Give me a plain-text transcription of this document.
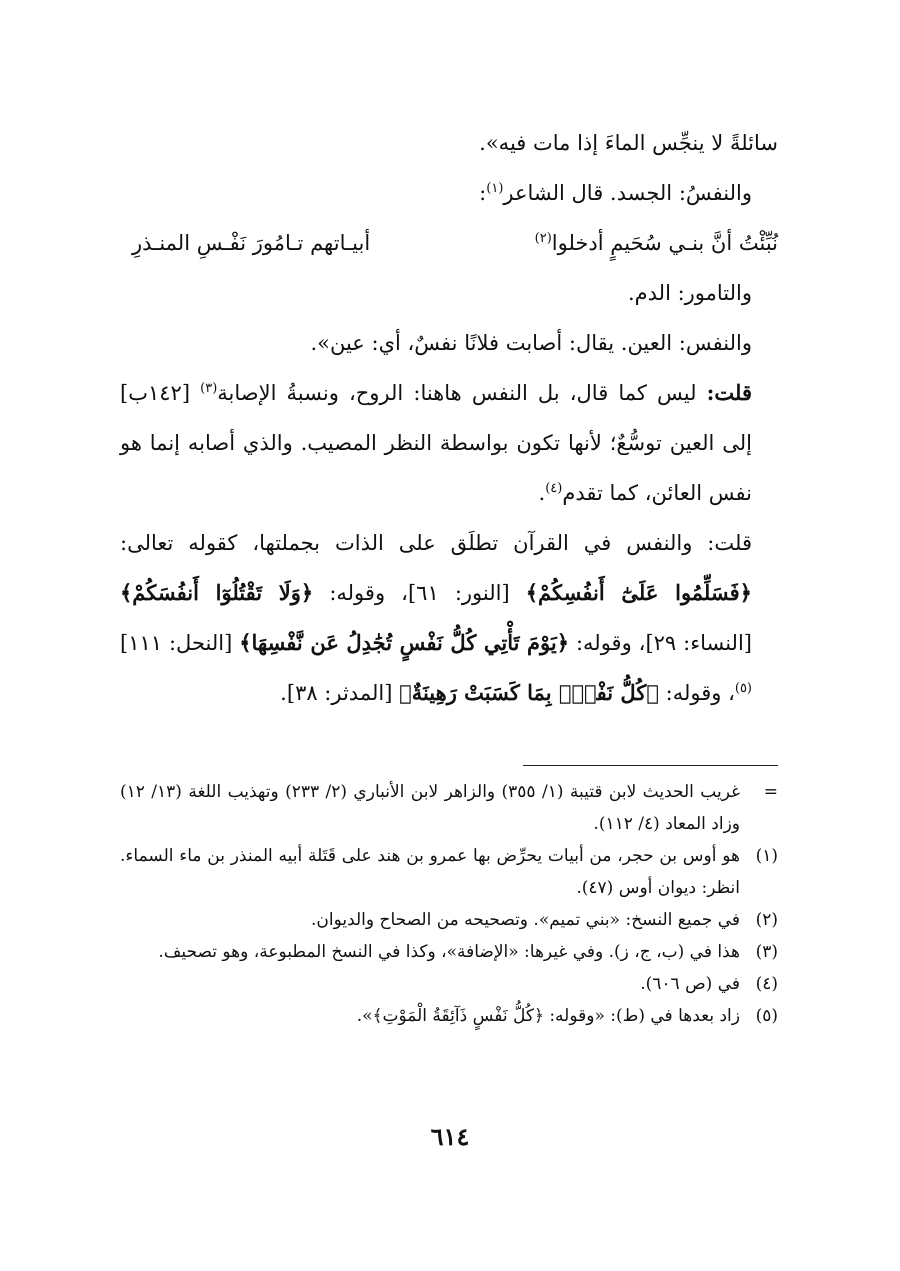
سائلةً لا ينجِّس الماءَ إذا مات فيه».

والنفسُ: الجسد. قال الشاعر$^{(١)}$:

نُبِّئْتُ أنَّ بنـي سُحَيمٍ أدخلوا$^{(٢)}$
أبيـاتهم تـامُورَ نَفْـسِ المنـذرِ

والتامور: الدم.

والنفس: العين. يقال: أصابت فلانًا نفسٌ، أي: عين».

قلت: ليس كما قال، بل النفس هاهنا: الروح، ونسبةُ الإصابة$^{(٣)}$ [١٤٢ب] إلى العين توسُّعٌ؛ لأنها تكون بواسطة النظر المصيب. والذي أصابه إنما هو نفس العائن، كما تقدم$^{(٤)}$.

قلت: والنفس في القرآن تطلَق على الذات بجملتها، كقوله تعالى: ﴿فَسَلِّمُوا عَلَىٰٓ أَنفُسِكُمْ﴾ [النور: ٦١]، وقوله: ﴿وَلَا تَقْتُلُوٓا أَنفُسَكُمْ﴾ [النساء: ٢٩]، وقوله: ﴿يَوْمَ تَأْتِي كُلُّ نَفْسٍ تُجَٰدِلُ عَن نَّفْسِهَا﴾ [النحل: ١١١]$^{(٥)}$، وقوله: ﴿كُلُّ نَفْسٍۭ بِمَا كَسَبَتْ رَهِينَةٌ﴾ [المدثر: ٣٨].

=
غريب الحديث لابن قتيبة (١/ ٣٥٥) والزاهر لابن الأنباري (٢/ ٢٣٣) وتهذيب اللغة (١٣/ ١٢) وزاد المعاد (٤/ ١١٢).

(١)
هو أوس بن حجر، من أبيات يحرِّض بها عمرو بن هند على قَتَلة أبيه المنذر بن ماء السماء. انظر: ديوان أوس (٤٧).

(٢)
في جميع النسخ: «بني تميم». وتصحيحه من الصحاح والديوان.

(٣)
هذا في (ب، ج، ز). وفي غيرها: «الإضافة»، وكذا في النسخ المطبوعة، وهو تصحيف.

(٤)
في (ص ٦٠٦).

(٥)
زاد بعدها في (ط): «وقوله: ﴿كُلُّ نَفْسٍ ذَآئِقَةُ الْمَوْتِ﴾».

٦١٤
